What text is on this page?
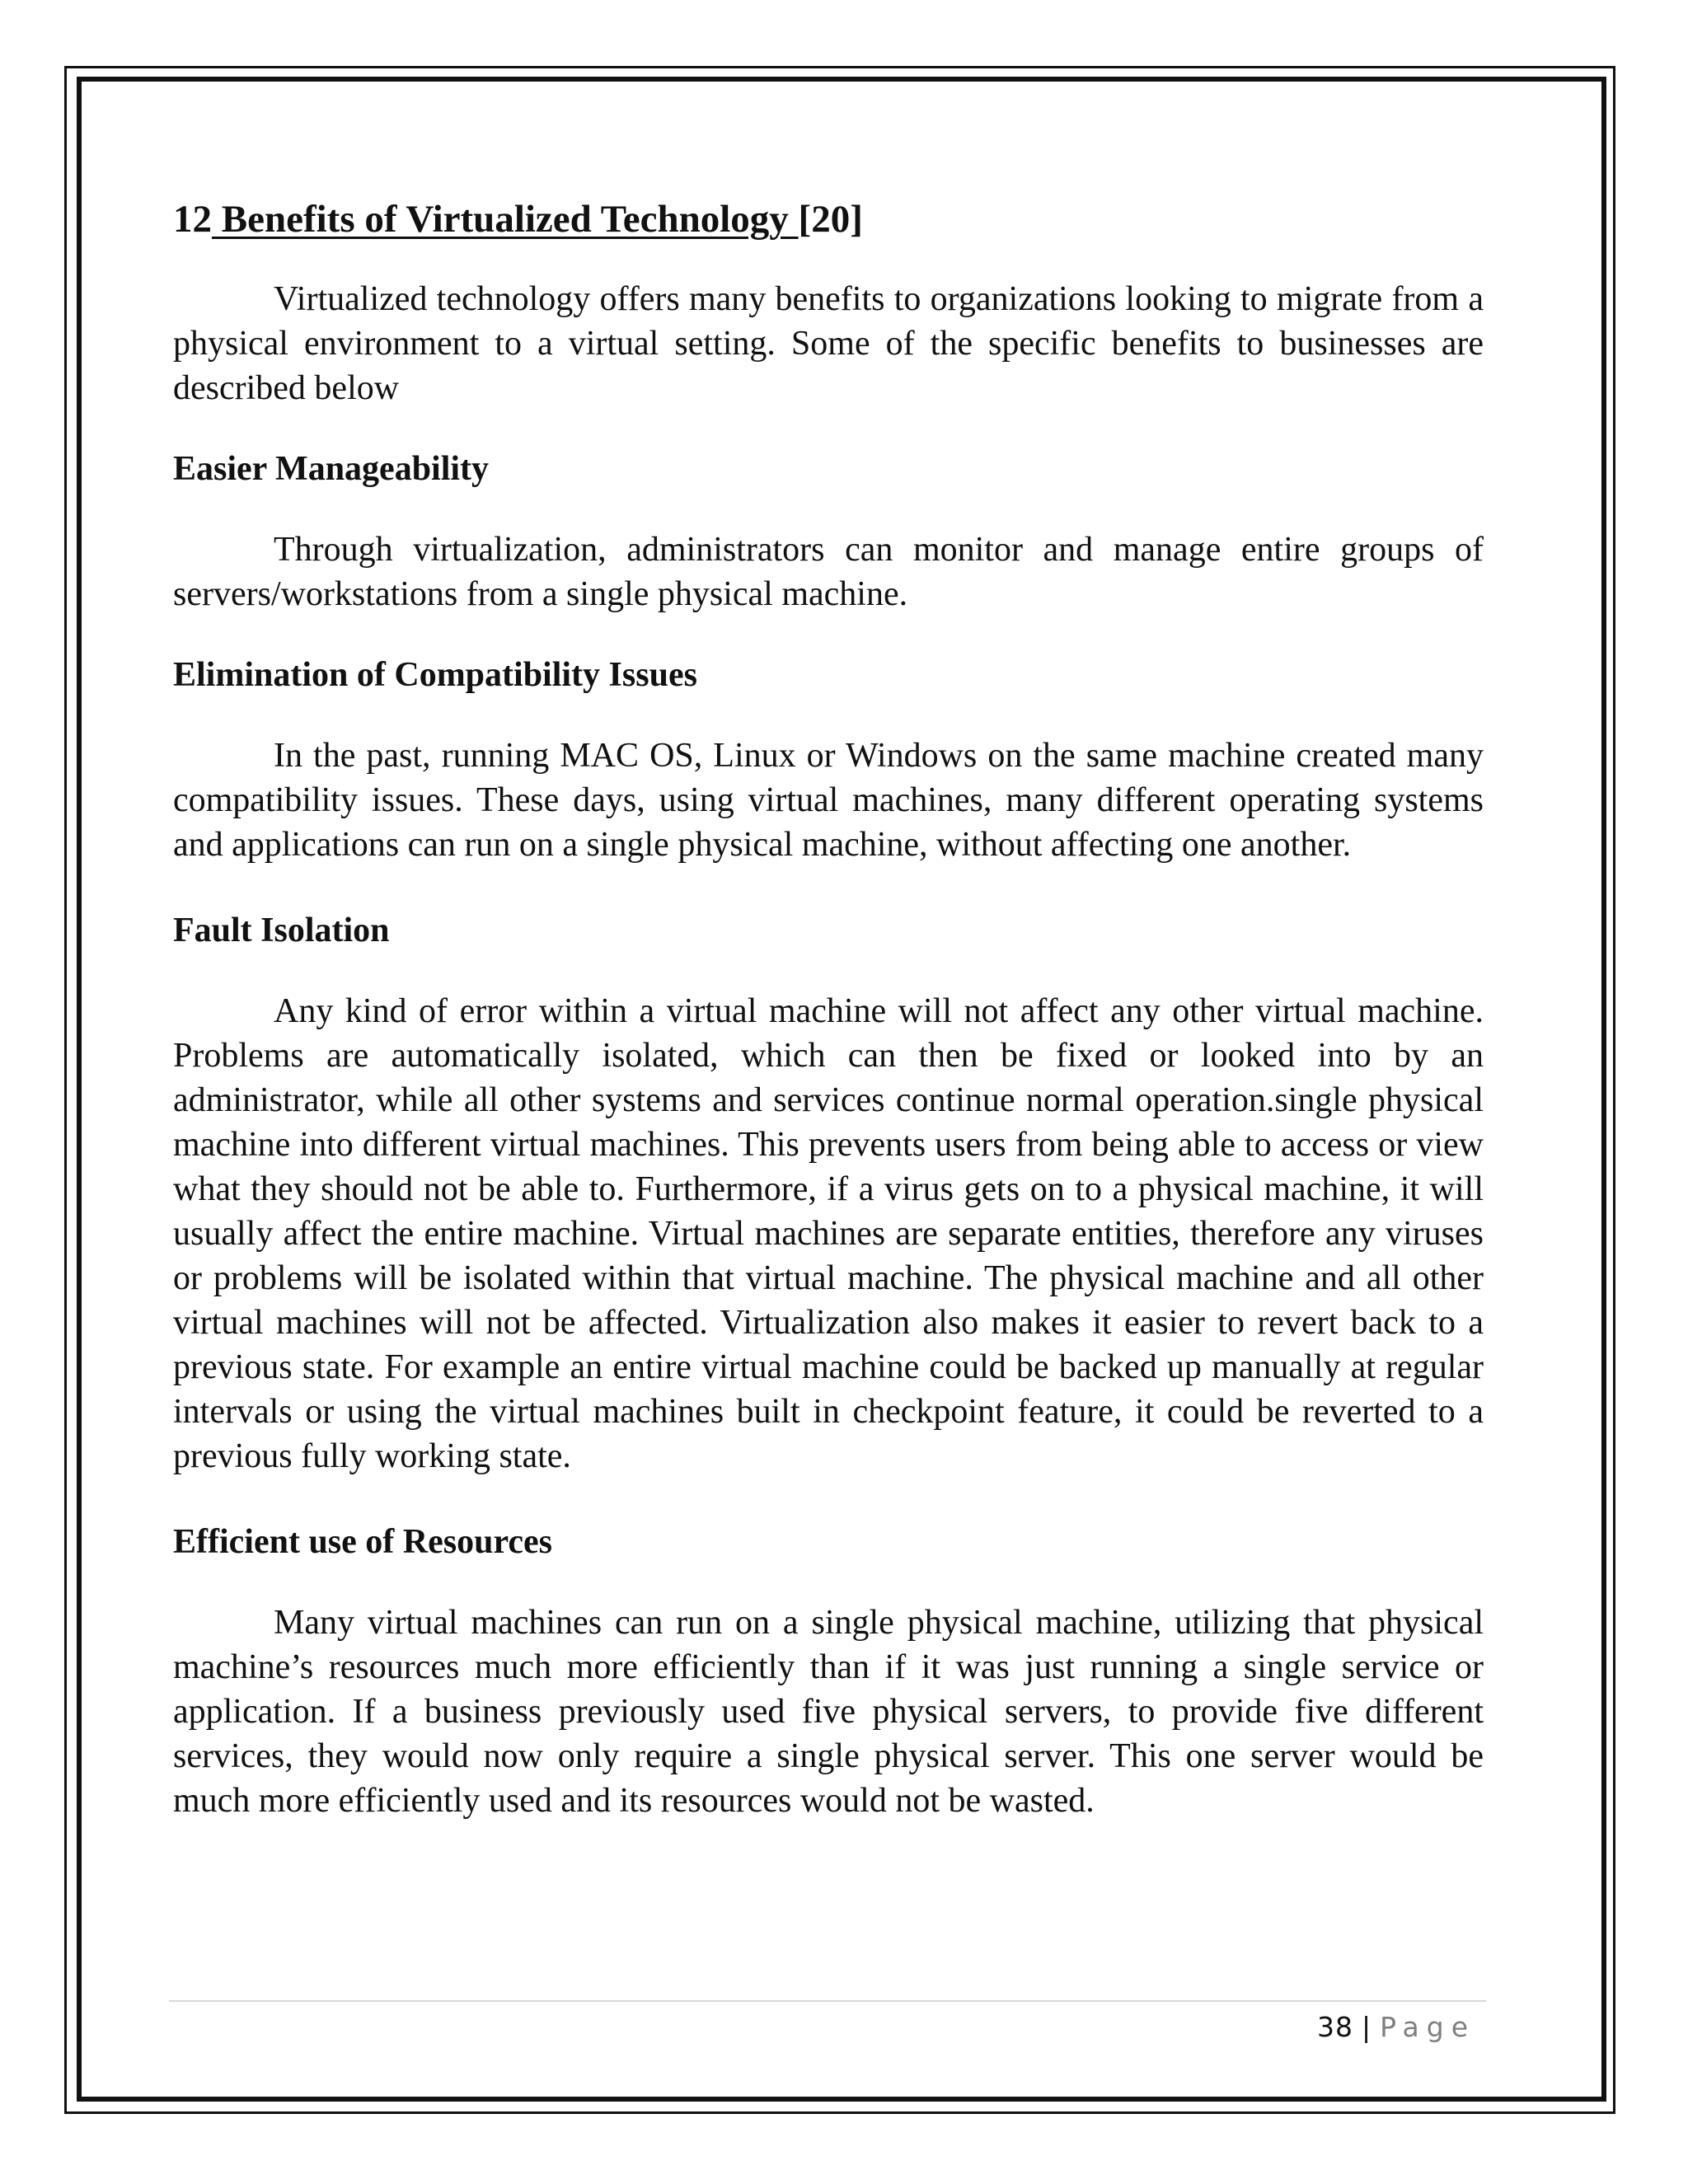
12 Benefits of Virtualized Technology [20]

Virtualized technology offers many benefits to organizations looking to migrate from a physical environment to a virtual setting. Some of the specific benefits to businesses are described below

Easier Manageability

Through virtualization, administrators can monitor and manage entire groups of servers/workstations from a single physical machine.

Elimination of Compatibility Issues

In the past, running MAC OS, Linux or Windows on the same machine created many compatibility issues. These days, using virtual machines, many different operating systems and applications can run on a single physical machine, without affecting one another.

Fault Isolation

Any kind of error within a virtual machine will not affect any other virtual machine. Problems are automatically isolated, which can then be fixed or looked into by an administrator, while all other systems and services continue normal operation.single physical machine into different virtual machines. This prevents users from being able to access or view what they should not be able to. Furthermore, if a virus gets on to a physical machine, it will usually affect the entire machine. Virtual machines are separate entities, therefore any viruses or problems will be isolated within that virtual machine. The physical machine and all other virtual machines will not be affected. Virtualization also makes it easier to revert back to a previous state. For example an entire virtual machine could be backed up manually at regular intervals or using the virtual machines built in checkpoint feature, it could be reverted to a previous fully working state.

Efficient use of Resources

Many virtual machines can run on a single physical machine, utilizing that physical machine’s resources much more efficiently than if it was just running a single service or application. If a business previously used five physical servers, to provide five different services, they would now only require a single physical server. This one server would be much more efficiently used and its resources would not be wasted.

38 | Page
